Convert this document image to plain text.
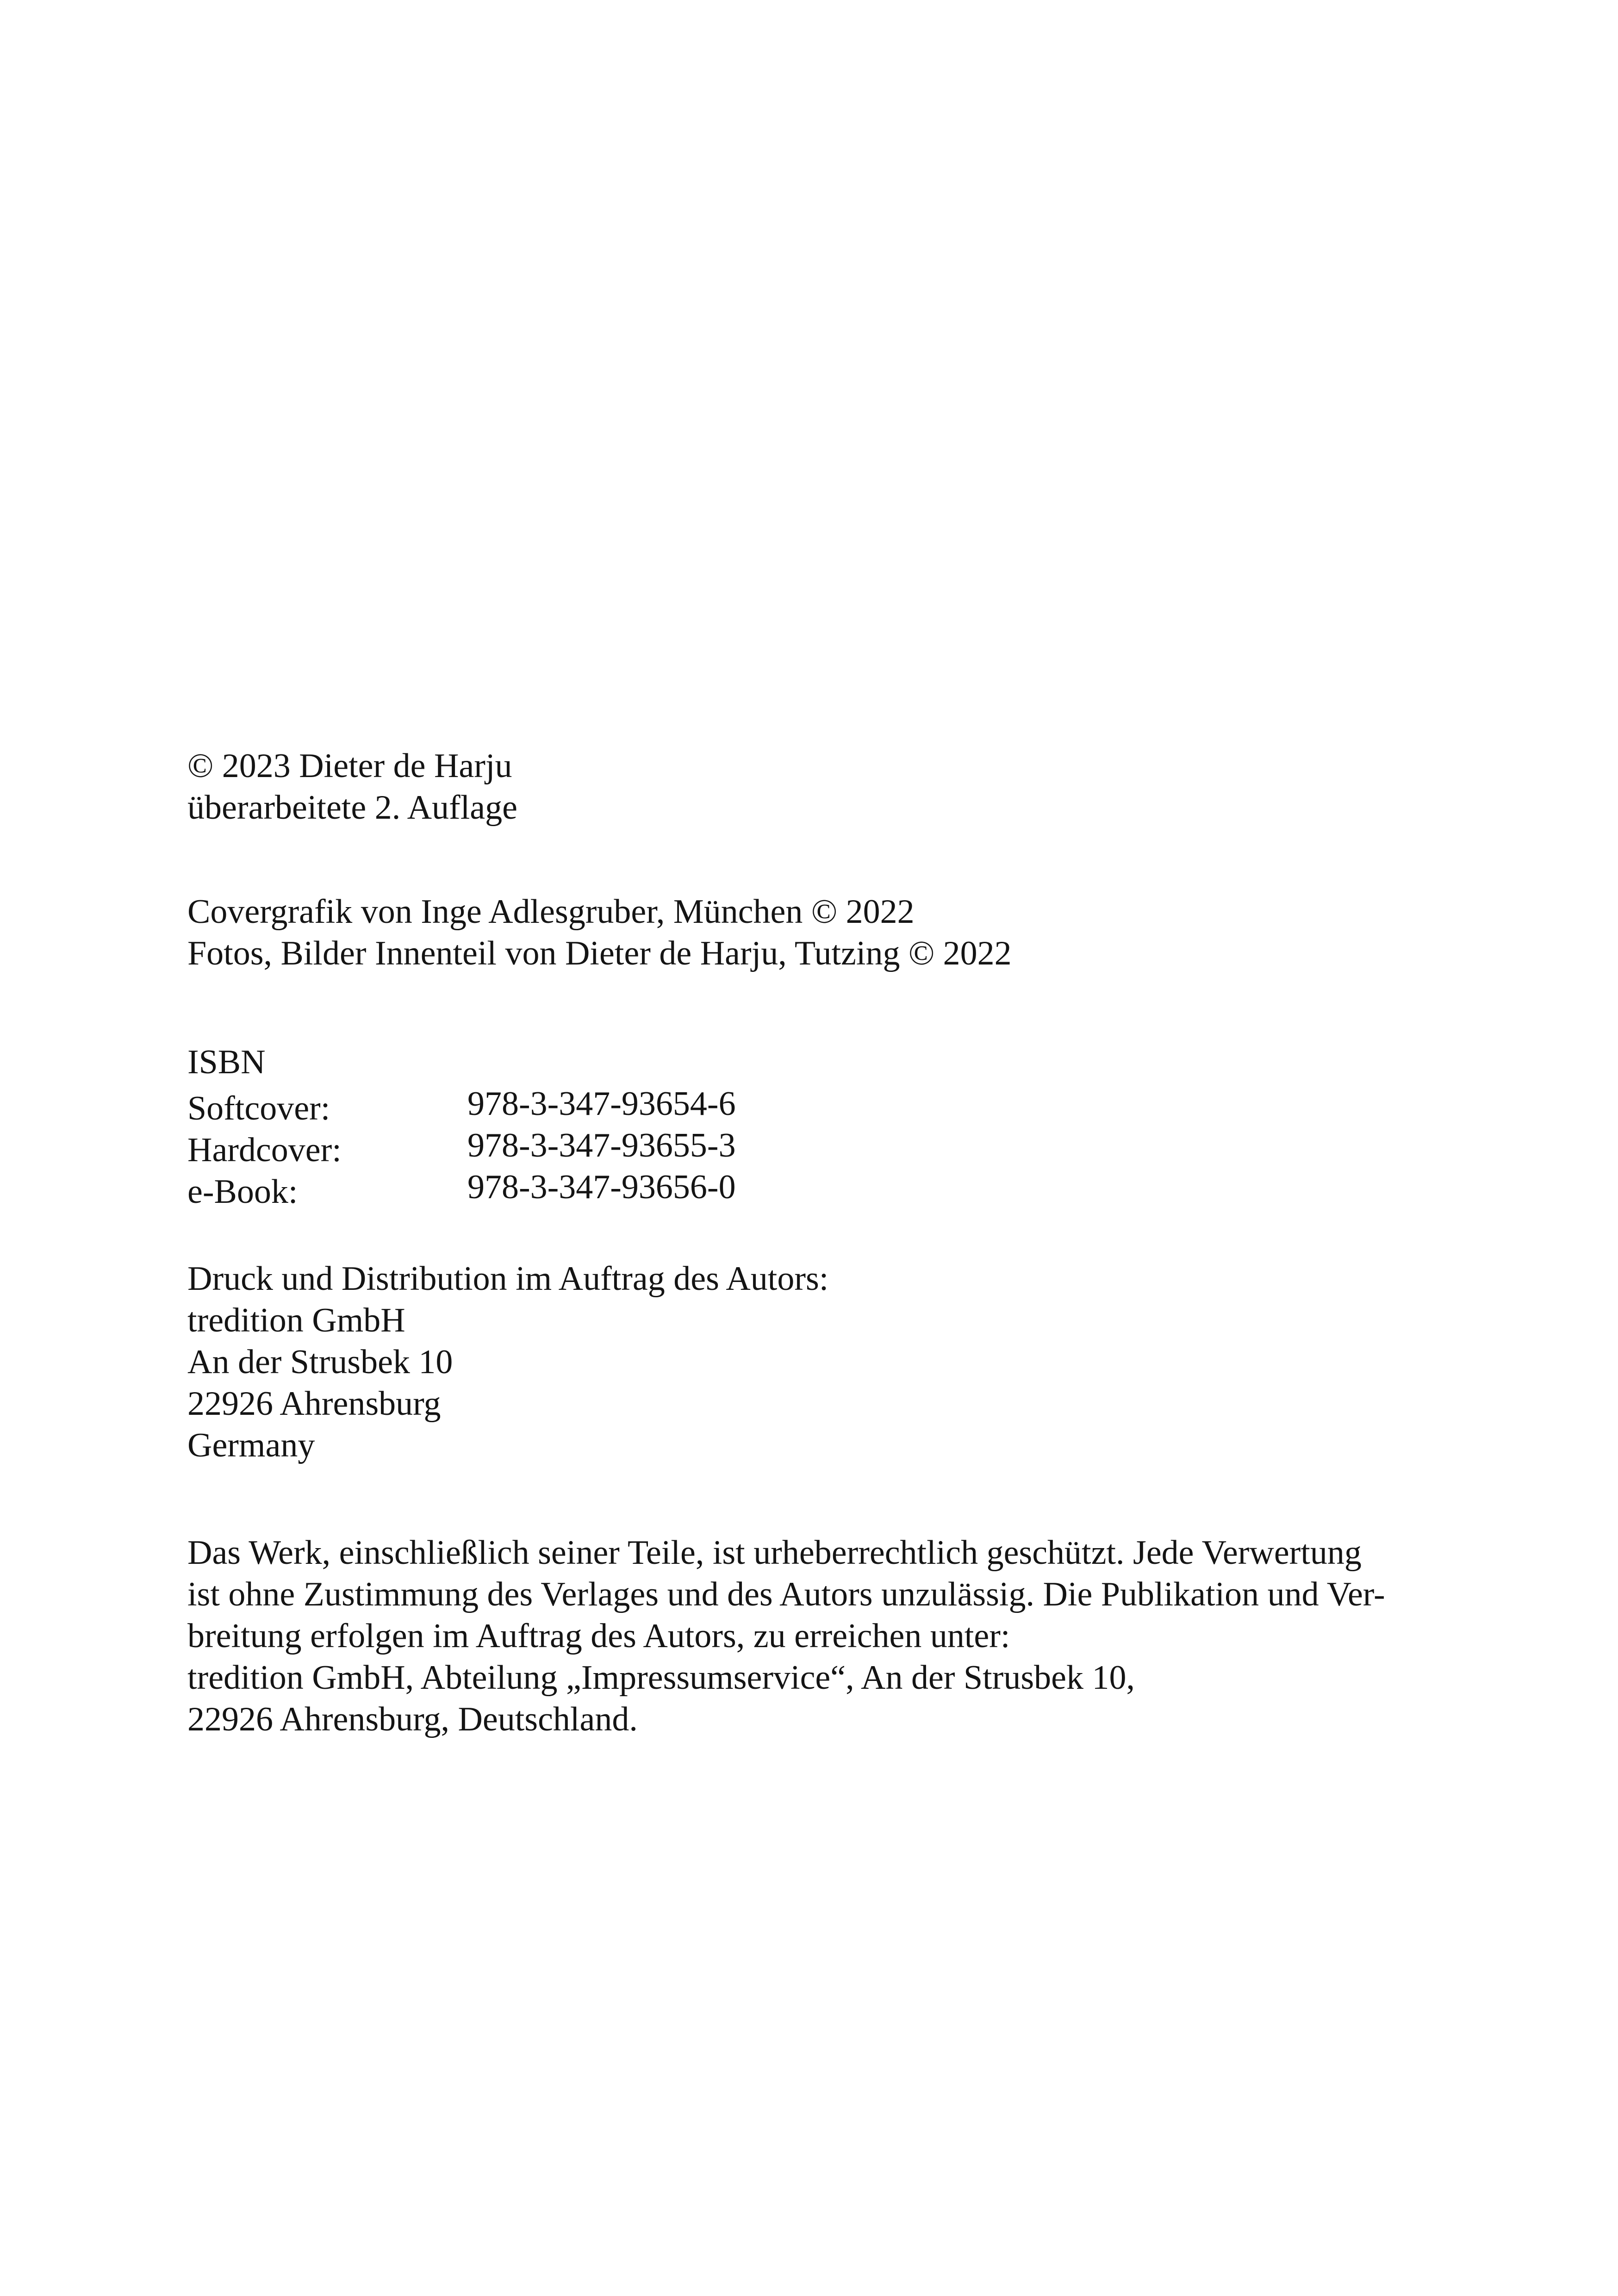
© 2023 Dieter de Harju
überarbeitete 2. Auflage
Covergrafik von Inge Adlesgruber, München © 2022
Fotos, Bilder Innenteil von Dieter de Harju, Tutzing © 2022
ISBN
Softcover:	978-3-347-93654-6
Hardcover:	978-3-347-93655-3
e-Book:	978-3-347-93656-0
Druck und Distribution im Auftrag des Autors:
tredition GmbH
An der Strusbek 10
22926 Ahrensburg
Germany
Das Werk, einschließlich seiner Teile, ist urheberrechtlich geschützt. Jede Verwertung
ist ohne Zustimmung des Verlages und des Autors unzulässig. Die Publikation und Ver-
breitung erfolgen im Auftrag des Autors, zu erreichen unter:
tredition GmbH, Abteilung „Impressumservice“, An der Strusbek 10,
22926 Ahrensburg, Deutschland.
